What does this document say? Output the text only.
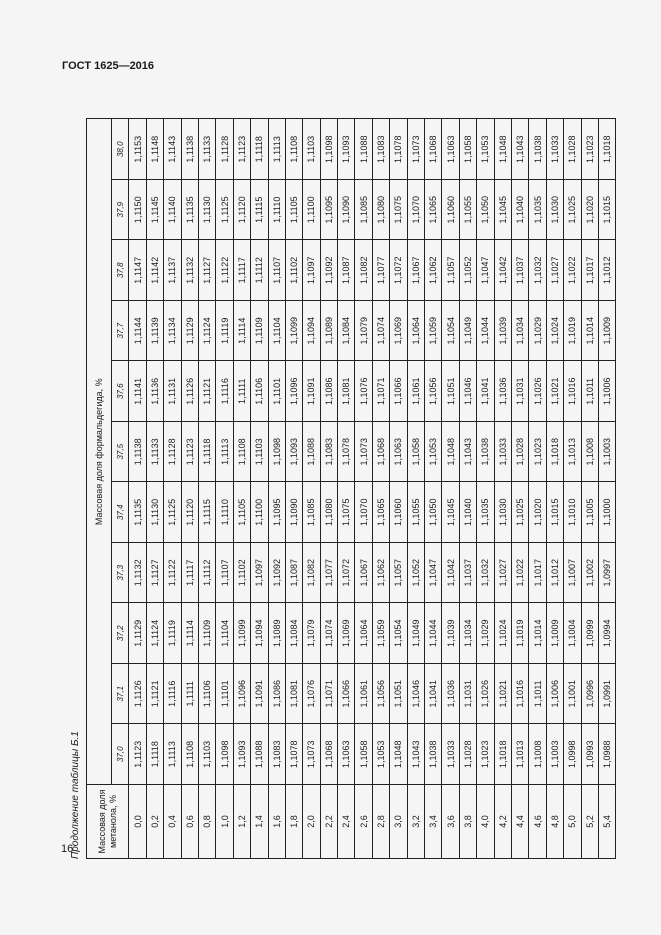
ГОСТ 1625—2016
16
Продолжение таблицы Б.1 Массовая доля метанола, %	Массовая доля формальдегида, %										
	37,0	37,1	37,2	37,3	37,4	37,5	37,6	37,7	37,8	37,9	38,0
0,0	1,1123	1,1126	1,1129	1,1132	1,1135	1,1138	1,1141	1,1144	1,1147	1,1150	1,1153
0,2	1,1118	1,1121	1,1124	1,1127	1,1130	1,1133	1,1136	1,1139	1,1142	1,1145	1,1148
0,4	1,1113	1,1116	1,1119	1,1122	1,1125	1,1128	1,1131	1,1134	1,1137	1,1140	1,1143
0,6	1,1108	1,1111	1,1114	1,1117	1,1120	1,1123	1,1126	1,1129	1,1132	1,1135	1,1138
0,8	1,1103	1,1106	1,1109	1,1112	1,1115	1,1118	1,1121	1,1124	1,1127	1,1130	1,1133
1,0	1,1098	1,1101	1,1104	1,1107	1,1110	1,1113	1,1116	1,1119	1,1122	1,1125	1,1128
1,2	1,1093	1,1096	1,1099	1,1102	1,1105	1,1108	1,1111	1,1114	1,1117	1,1120	1,1123
1,4	1,1088	1,1091	1,1094	1,1097	1,1100	1,1103	1,1106	1,1109	1,1112	1,1115	1,1118
1,6	1,1083	1,1086	1,1089	1,1092	1,1095	1,1098	1,1101	1,1104	1,1107	1,1110	1,1113
1,8	1,1078	1,1081	1,1084	1,1087	1,1090	1,1093	1,1096	1,1099	1,1102	1,1105	1,1108
2,0	1,1073	1,1076	1,1079	1,1082	1,1085	1,1088	1,1091	1,1094	1,1097	1,1100	1,1103
2,2	1,1068	1,1071	1,1074	1,1077	1,1080	1,1083	1,1086	1,1089	1,1092	1,1095	1,1098
2,4	1,1063	1,1066	1,1069	1,1072	1,1075	1,1078	1,1081	1,1084	1,1087	1,1090	1,1093
2,6	1,1058	1,1061	1,1064	1,1067	1,1070	1,1073	1,1076	1,1079	1,1082	1,1085	1,1088
2,8	1,1053	1,1056	1,1059	1,1062	1,1065	1,1068	1,1071	1,1074	1,1077	1,1080	1,1083
3,0	1,1048	1,1051	1,1054	1,1057	1,1060	1,1063	1,1066	1,1069	1,1072	1,1075	1,1078
3,2	1,1043	1,1046	1,1049	1,1052	1,1055	1,1058	1,1061	1,1064	1,1067	1,1070	1,1073
3,4	1,1038	1,1041	1,1044	1,1047	1,1050	1,1053	1,1056	1,1059	1,1062	1,1065	1,1068
3,6	1,1033	1,1036	1,1039	1,1042	1,1045	1,1048	1,1051	1,1054	1,1057	1,1060	1,1063
3,8	1,1028	1,1031	1,1034	1,1037	1,1040	1,1043	1,1046	1,1049	1,1052	1,1055	1,1058
4,0	1,1023	1,1026	1,1029	1,1032	1,1035	1,1038	1,1041	1,1044	1,1047	1,1050	1,1053
4,2	1,1018	1,1021	1,1024	1,1027	1,1030	1,1033	1,1036	1,1039	1,1042	1,1045	1,1048
4,4	1,1013	1,1016	1,1019	1,1022	1,1025	1,1028	1,1031	1,1034	1,1037	1,1040	1,1043
4,6	1,1008	1,1011	1,1014	1,1017	1,1020	1,1023	1,1026	1,1029	1,1032	1,1035	1,1038
4,8	1,1003	1,1006	1,1009	1,1012	1,1015	1,1018	1,1021	1,1024	1,1027	1,1030	1,1033
5,0	1,0998	1,1001	1,1004	1,1007	1,1010	1,1013	1,1016	1,1019	1,1022	1,1025	1,1028
5,2	1,0993	1,0996	1,0999	1,1002	1,1005	1,1008	1,1011	1,1014	1,1017	1,1020	1,1023
5,4	1,0988	1,0991	1,0994	1,0997	1,1000	1,1003	1,1006	1,1009	1,1012	1,1015	1,1018
